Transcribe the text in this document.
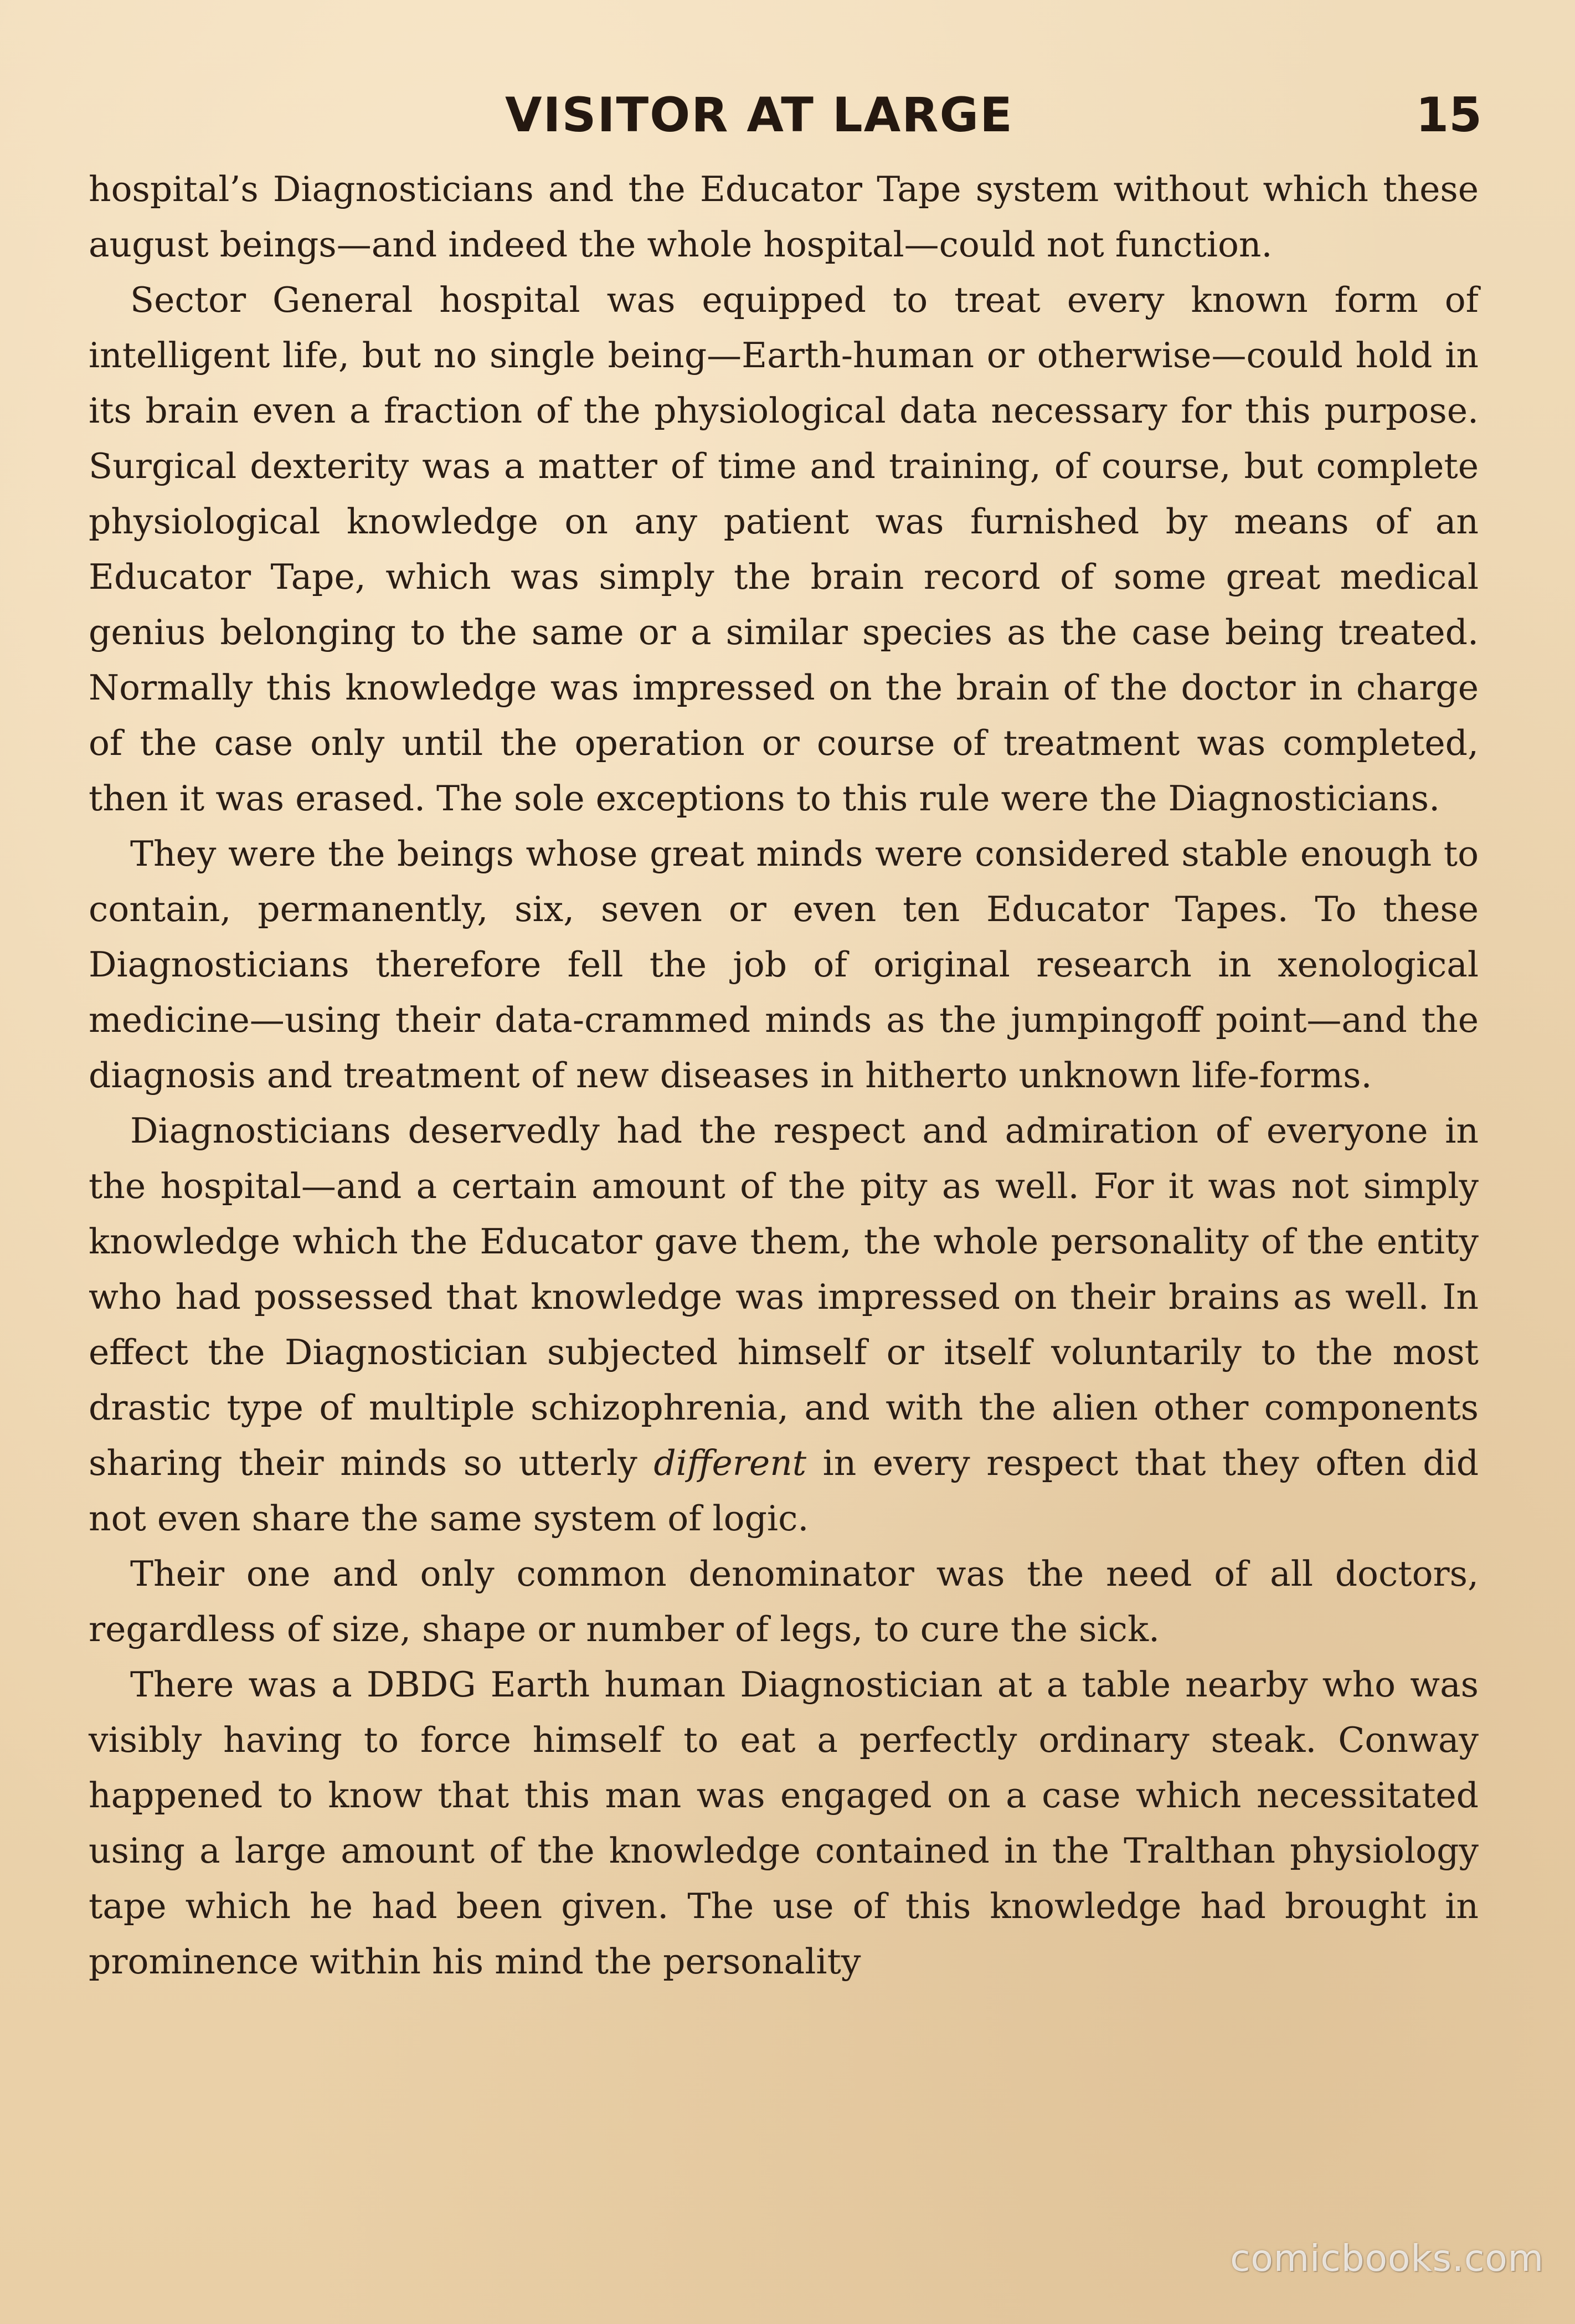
VISITOR AT LARGE	15

hospital’s Diagnosticians and the Educator Tape system without which these august beings—and indeed the whole hospital—could not function.

Sector General hospital was equipped to treat every known form of intelligent life, but no single being—Earth-human or otherwise—could hold in its brain even a fraction of the physiological data necessary for this purpose. Surgical dexterity was a matter of time and training, of course, but complete physiological knowledge on any patient was furnished by means of an Educator Tape, which was simply the brain record of some great medical genius belonging to the same or a similar species as the case being treated. Normally this knowledge was impressed on the brain of the doctor in charge of the case only until the operation or course of treatment was completed, then it was erased. The sole exceptions to this rule were the Diagnosticians.

They were the beings whose great minds were considered stable enough to contain, permanently, six, seven or even ten Educator Tapes. To these Diagnosticians therefore fell the job of original research in xenological medicine—using their data-crammed minds as the jumpingoff point—and the diagnosis and treatment of new diseases in hitherto unknown life-forms.

Diagnosticians deservedly had the respect and admiration of everyone in the hospital—and a certain amount of the pity as well. For it was not simply knowledge which the Educator gave them, the whole personality of the entity who had possessed that knowledge was impressed on their brains as well. In effect the Diagnostician subjected himself or itself voluntarily to the most drastic type of multiple schizophrenia, and with the alien other components sharing their minds so utterly different in every respect that they often did not even share the same system of logic.

Their one and only common denominator was the need of all doctors, regardless of size, shape or number of legs, to cure the sick.

There was a DBDG Earth human Diagnostician at a table nearby who was visibly having to force himself to eat a perfectly ordinary steak. Conway happened to know that this man was engaged on a case which necessitated using a large amount of the knowledge contained in the Tralthan physiology tape which he had been given. The use of this knowledge had brought in prominence within his mind the personality

comicbooks.com
